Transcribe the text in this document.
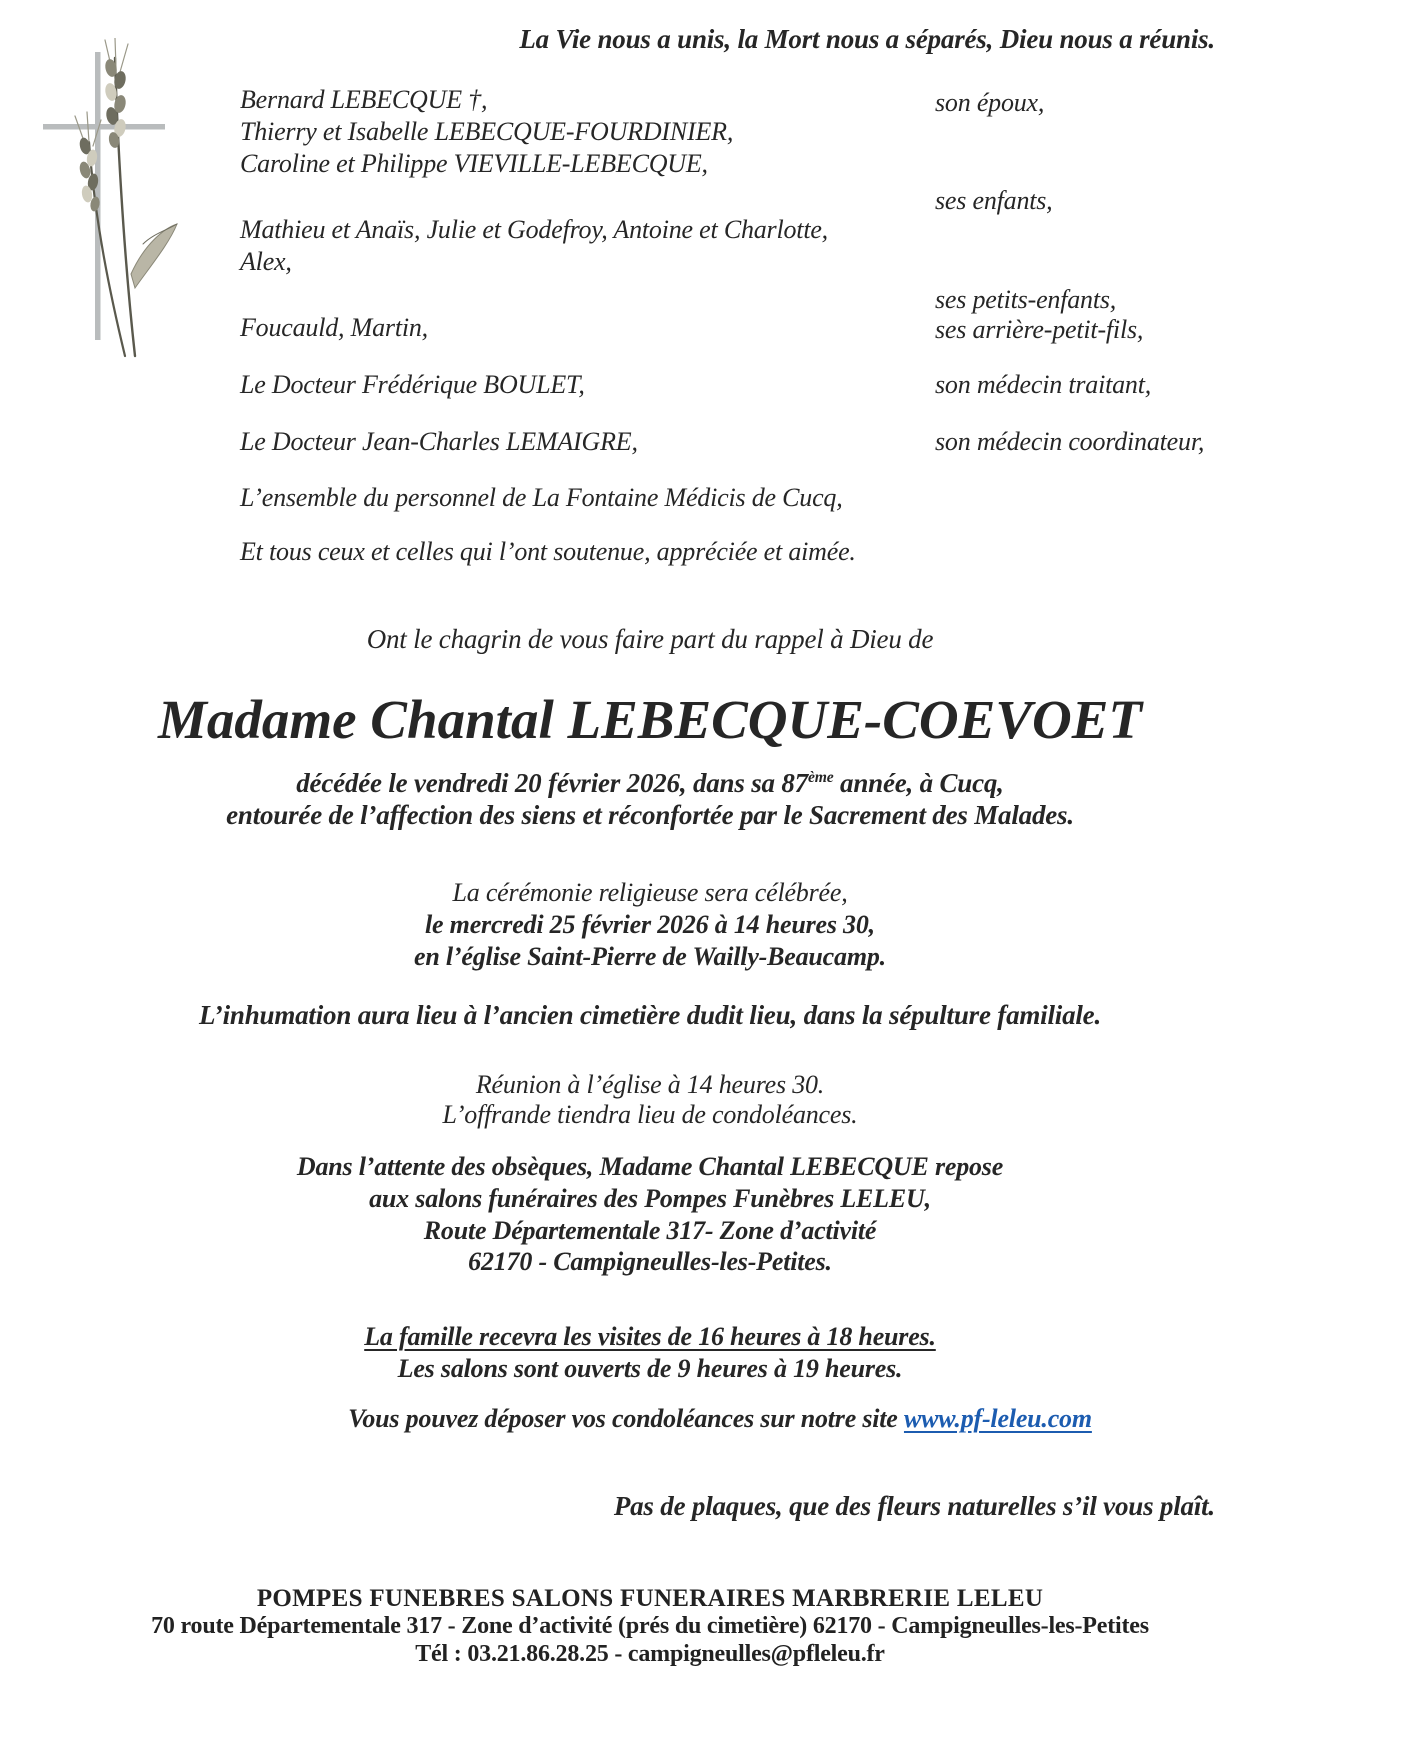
La Vie nous a unis, la Mort nous a séparés, Dieu nous a réunis.
Bernard LEBECQUE †,
Thierry et Isabelle LEBECQUE-FOURDINIER,
Caroline et Philippe VIEVILLE-LEBECQUE,
Mathieu et Anaïs, Julie et Godefroy, Antoine et Charlotte,
Alex,
Foucauld, Martin,
Le Docteur Frédérique BOULET,
Le Docteur Jean-Charles LEMAIGRE,
L’ensemble du personnel de La Fontaine Médicis de Cucq,
Et tous ceux et celles qui l’ont soutenue, appréciée et aimée.
son époux,
ses enfants,
ses petits-enfants,
ses arrière-petit-fils,
son médecin traitant,
son médecin coordinateur,
Ont le chagrin de vous faire part du rappel à Dieu de
Madame Chantal LEBECQUE-COEVOET
décédée le vendredi 20 février 2026, dans sa 87ème année, à Cucq,
entourée de l’affection des siens et réconfortée par le Sacrement des Malades.
La cérémonie religieuse sera célébrée,
le mercredi 25 février 2026 à 14 heures 30,
en l’église Saint-Pierre de Wailly-Beaucamp.
L’inhumation aura lieu à l’ancien cimetière dudit lieu, dans la sépulture familiale.
Réunion à l’église à 14 heures 30.
L’offrande tiendra lieu de condoléances.
Dans l’attente des obsèques, Madame Chantal LEBECQUE repose
aux salons funéraires des Pompes Funèbres LELEU,
Route Départementale 317- Zone d’activité
62170 - Campigneulles-les-Petites.
La famille recevra les visites de 16 heures à 18 heures.
Les salons sont ouverts de 9 heures à 19 heures.
Vous pouvez déposer vos condoléances sur notre site www.pf-leleu.com
Pas de plaques, que des fleurs naturelles s’il vous plaît.
POMPES FUNEBRES SALONS FUNERAIRES MARBRERIE LELEU
70 route Départementale 317 - Zone d’activité (prés du cimetière) 62170 - Campigneulles-les-Petites
Tél : 03.21.86.28.25 - campigneulles@pfleleu.fr
